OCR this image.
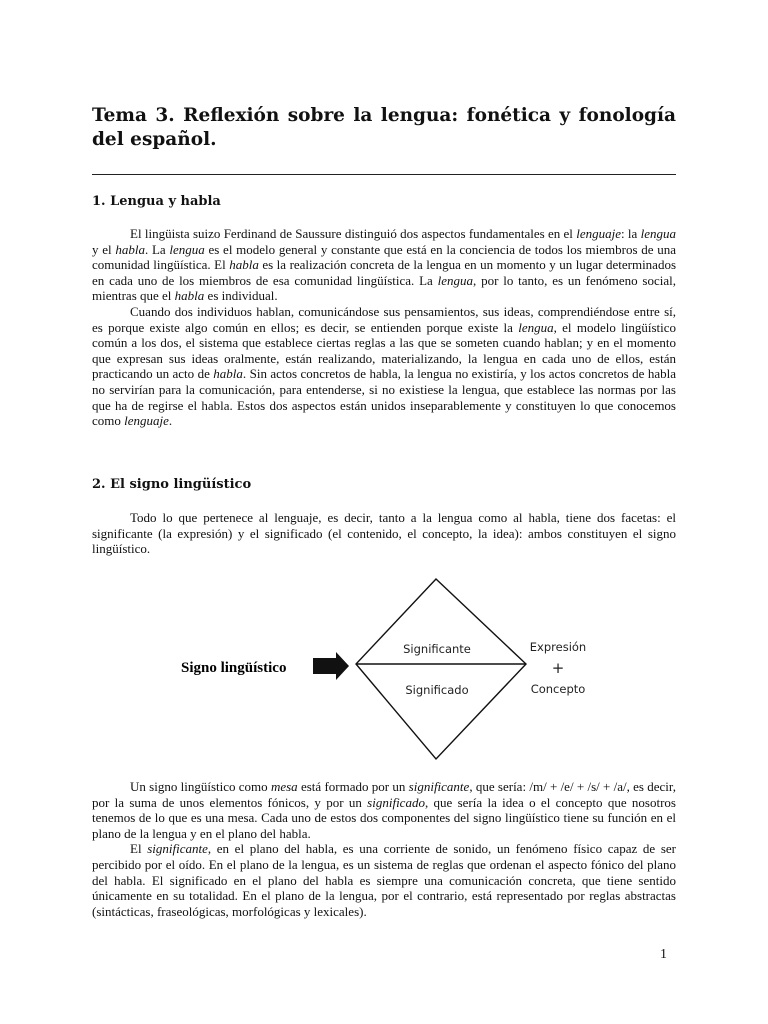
Tema 3. Reflexión sobre la lengua: fonética y fonología del español.
1. Lengua y habla

El lingüista suizo Ferdinand de Saussure distinguió dos aspectos fundamentales en el lenguaje: la lengua y el habla. La lengua es el modelo general y constante que está en la conciencia de todos los miembros de una comunidad lingüística. El habla es la realización concreta de la lengua en un momento y un lugar determinados en cada uno de los miembros de esa comunidad lingüística. La lengua, por lo tanto, es un fenómeno social, mientras que el habla es individual.

Cuando dos individuos hablan, comunicándose sus pensamientos, sus ideas, comprendiéndose entre sí, es porque existe algo común en ellos; es decir, se entienden porque existe la lengua, el modelo lingüístico común a los dos, el sistema que establece ciertas reglas a las que se someten cuando hablan; y en el momento que expresan sus ideas oralmente, están realizando, materializando, la lengua en cada uno de ellos, están practicando un acto de habla. Sin actos concretos de habla, la lengua no existiría, y los actos concretos de habla no servirían para la comunicación, para entenderse, si no existiese la lengua, que establece las normas por las que ha de regirse el habla. Estos dos aspectos están unidos inseparablemente y constituyen lo que conocemos como lenguaje.

2. El signo lingüístico

Todo lo que pertenece al lenguaje, es decir, tanto a la lengua como al habla, tiene dos facetas: el significante (la expresión) y el significado (el contenido, el concepto, la idea): ambos constituyen el signo lingüístico.

Signo lingüístico
Significante
Significado
Expresión
+
Concepto

Un signo lingüístico como mesa está formado por un significante, que sería: /m/ + /e/ + /s/ + /a/, es decir, por la suma de unos elementos fónicos, y por un significado, que sería la idea o el concepto que nosotros tenemos de lo que es una mesa. Cada uno de estos dos componentes del signo lingüístico tiene su función en el plano de la lengua y en el plano del habla.

El significante, en el plano del habla, es una corriente de sonido, un fenómeno físico capaz de ser percibido por el oído. En el plano de la lengua, es un sistema de reglas que ordenan el aspecto fónico del plano del habla. El significado en el plano del habla es siempre una comunicación concreta, que tiene sentido únicamente en su totalidad. En el plano de la lengua, por el contrario, está representado por reglas abstractas (sintácticas, fraseológicas, morfológicas y lexicales).

1
